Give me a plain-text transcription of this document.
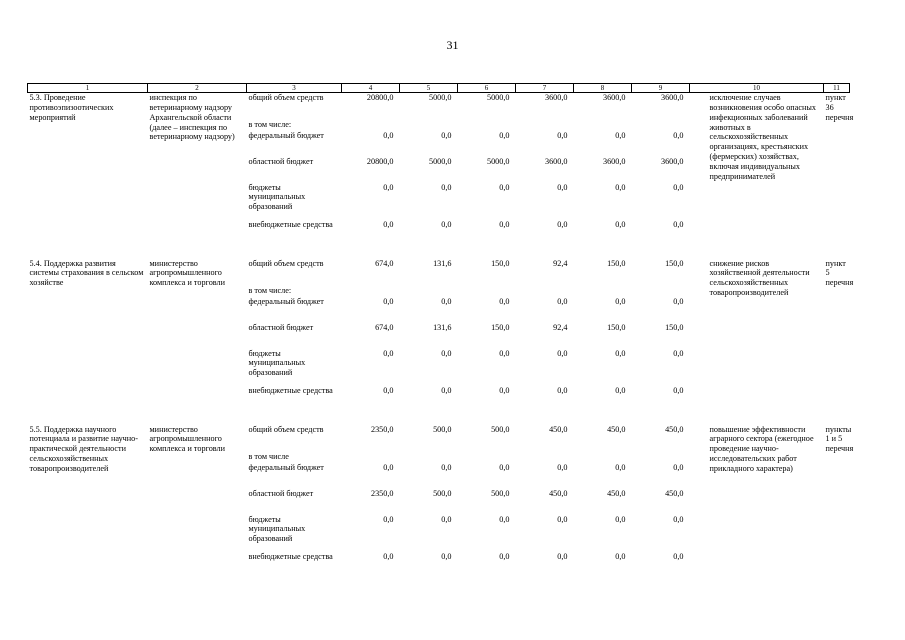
31
1	2	3	4	5	6	7	8	9	10	11
5.3. Проведение противоэпизоотических мероприятий	инспекция по ветеринарному надзору Архангельской области (далее – инспекция по ветеринарному надзору)	общий объем средств	20800,0	5000,0	5000,0	3600,0	3600,0	3600,0	исключение случаев возникновения особо опасных инфекционных заболеваний животных в сельскохозяйственных организациях, крестьянских (фермерских) хозяйствах, включая индивидуальных предпринимателей	пункт 36 перечня
		в том числе:								
		федеральный бюджет	0,0	0,0	0,0	0,0	0,0	0,0		
		областной бюджет	20800,0	5000,0	5000,0	3600,0	3600,0	3600,0		
		бюджеты муниципальных образований	0,0	0,0	0,0	0,0	0,0	0,0		
		внебюджетные средства	0,0	0,0	0,0	0,0	0,0	0,0		

5.4. Поддержка развития системы страхования в сельском хозяйстве	министерство агропромышленного комплекса и торговли	общий объем средств	674,0	131,6	150,0	92,4	150,0	150,0	снижение рисков хозяйственной деятельности сельскохозяйственных товаропроизводителей	пункт 5 перечня
		в том числе:								
		федеральный бюджет	0,0	0,0	0,0	0,0	0,0	0,0		
		областной бюджет	674,0	131,6	150,0	92,4	150,0	150,0		
		бюджеты муниципальных образований	0,0	0,0	0,0	0,0	0,0	0,0		
		внебюджетные средства	0,0	0,0	0,0	0,0	0,0	0,0		

5.5. Поддержка научного потенциала и развитие научно-практической деятельности сельскохозяйственных товаропроизводителей	министерство агропромышленного комплекса и торговли	общий объем средств	2350,0	500,0	500,0	450,0	450,0	450,0	повышение эффективности аграрного сектора (ежегодное проведение научно-исследовательских работ прикладного характера)	пункты 1 и 5 перечня
		в том числе								
		федеральный бюджет	0,0	0,0	0,0	0,0	0,0	0,0		
		областной бюджет	2350,0	500,0	500,0	450,0	450,0	450,0		
		бюджеты муниципальных образований	0,0	0,0	0,0	0,0	0,0	0,0		
		внебюджетные средства	0,0	0,0	0,0	0,0	0,0	0,0		
